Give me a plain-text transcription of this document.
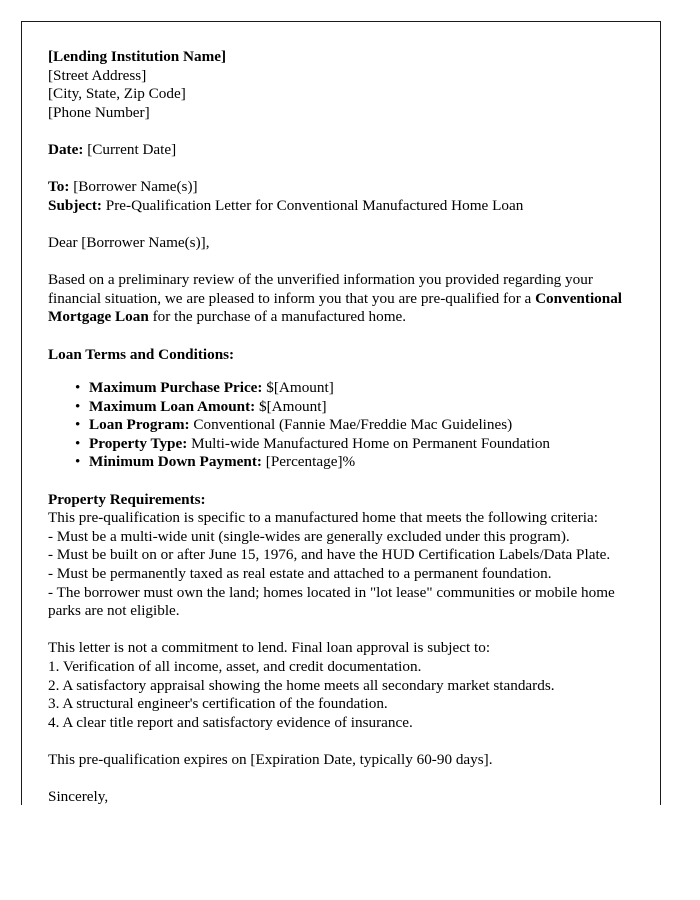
[Lending Institution Name]
[Street Address]
[City, State, Zip Code]
[Phone Number]
Date: [Current Date]
To: [Borrower Name(s)]
Subject: Pre-Qualification Letter for Conventional Manufactured Home Loan
Dear [Borrower Name(s)],
Based on a preliminary review of the unverified information you provided regarding your financial situation, we are pleased to inform you that you are pre-qualified for a Conventional Mortgage Loan for the purchase of a manufactured home.
Loan Terms and Conditions:
• Maximum Purchase Price: $[Amount]
• Maximum Loan Amount: $[Amount]
• Loan Program: Conventional (Fannie Mae/Freddie Mac Guidelines)
• Property Type: Multi-wide Manufactured Home on Permanent Foundation
• Minimum Down Payment: [Percentage]%
Property Requirements:
This pre-qualification is specific to a manufactured home that meets the following criteria:
- Must be a multi-wide unit (single-wides are generally excluded under this program).
- Must be built on or after June 15, 1976, and have the HUD Certification Labels/Data Plate.
- Must be permanently taxed as real estate and attached to a permanent foundation.
- The borrower must own the land; homes located in "lot lease" communities or mobile home parks are not eligible.
This letter is not a commitment to lend. Final loan approval is subject to:
1. Verification of all income, asset, and credit documentation.
2. A satisfactory appraisal showing the home meets all secondary market standards.
3. A structural engineer's certification of the foundation.
4. A clear title report and satisfactory evidence of insurance.
This pre-qualification expires on [Expiration Date, typically 60-90 days].
Sincerely,
